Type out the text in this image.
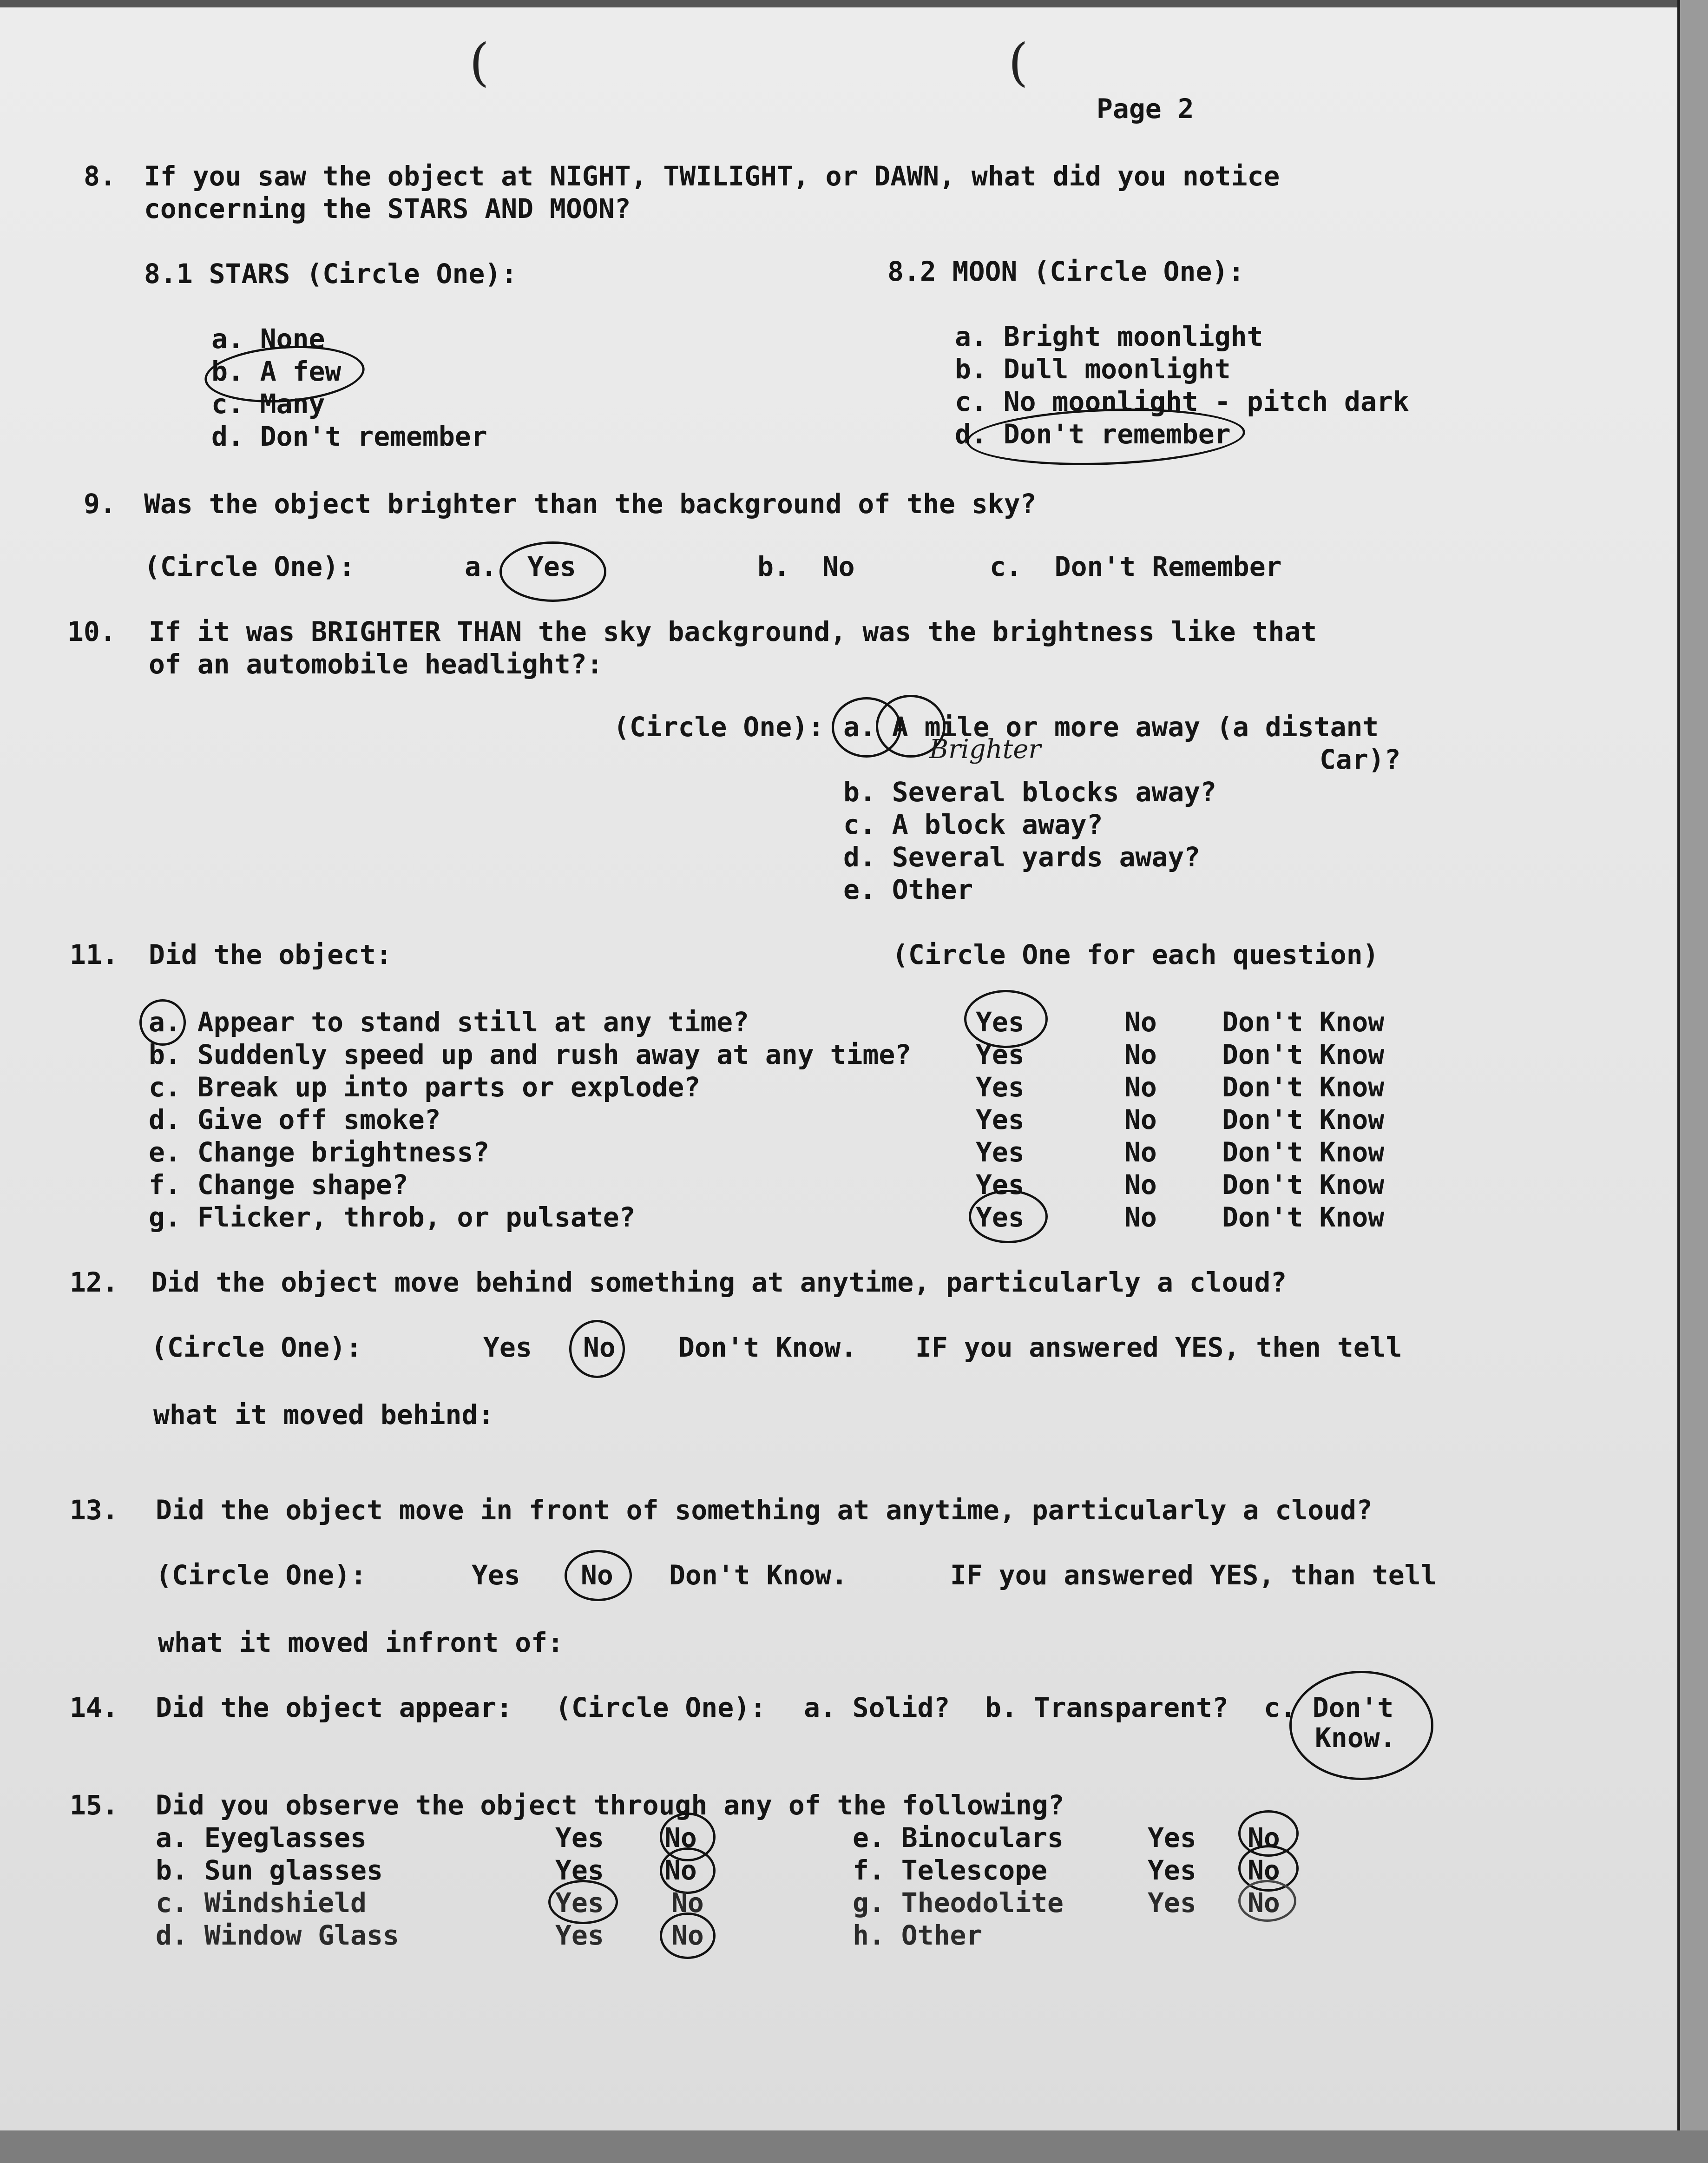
(	(
Page 2
8. If you saw the object at NIGHT, TWILIGHT, or DAWN, what did you notice
concerning the STARS AND MOON?
8.1 STARS (Circle One):
a. None
b. A few
c. Many
d. Don't remember
8.2 MOON (Circle One):
a. Bright moonlight
b. Dull moonlight
c. No moonlight - pitch dark
d. Don't remember
9. Was the object brighter than the background of the sky?
(Circle One):	a. Yes	b.  No	c.  Don't Remember
10. If it was BRIGHTER THAN the sky background, was the brightness like that
of an automobile headlight?:
(Circle One): a. A mile or more away (a distant
Car)?
Brighter
b. Several blocks away?
c. A block away?
d. Several yards away?
e. Other
11. Did the object:	(Circle One for each question)
a. Appear to stand still at any time?	Yes	No Don't Know
b. Suddenly speed up and rush away at any time? Yes	No Don't Know
c. Break up into parts or explode?	Yes	No Don't Know
d. Give off smoke?	Yes	No Don't Know
e. Change brightness?	Yes	No Don't Know
f. Change shape?	Yes	No Don't Know
g. Flicker, throb, or pulsate?	Yes	No Don't Know
12. Did the object move behind something at anytime, particularly a cloud?
(Circle One):	Yes No Don't Know. IF you answered YES, then tell
what it moved behind:
13. Did the object move in front of something at anytime, particularly a cloud?
(Circle One):	Yes No Don't Know.	IF you answered YES, than tell
what it moved infront of:
14. Did the object appear: (Circle One): a. Solid? b. Transparent? c. Don't
Know.
15. Did you observe the object through any of the following?
a. Eyeglasses	Yes No
b. Sun glasses	Yes No
c. Windshield	Yes	No
d. Window Glass	Yes	No
e. Binoculars	Yes No
f. Telescope	Yes No
g. Theodolite	Yes No
h. Other
